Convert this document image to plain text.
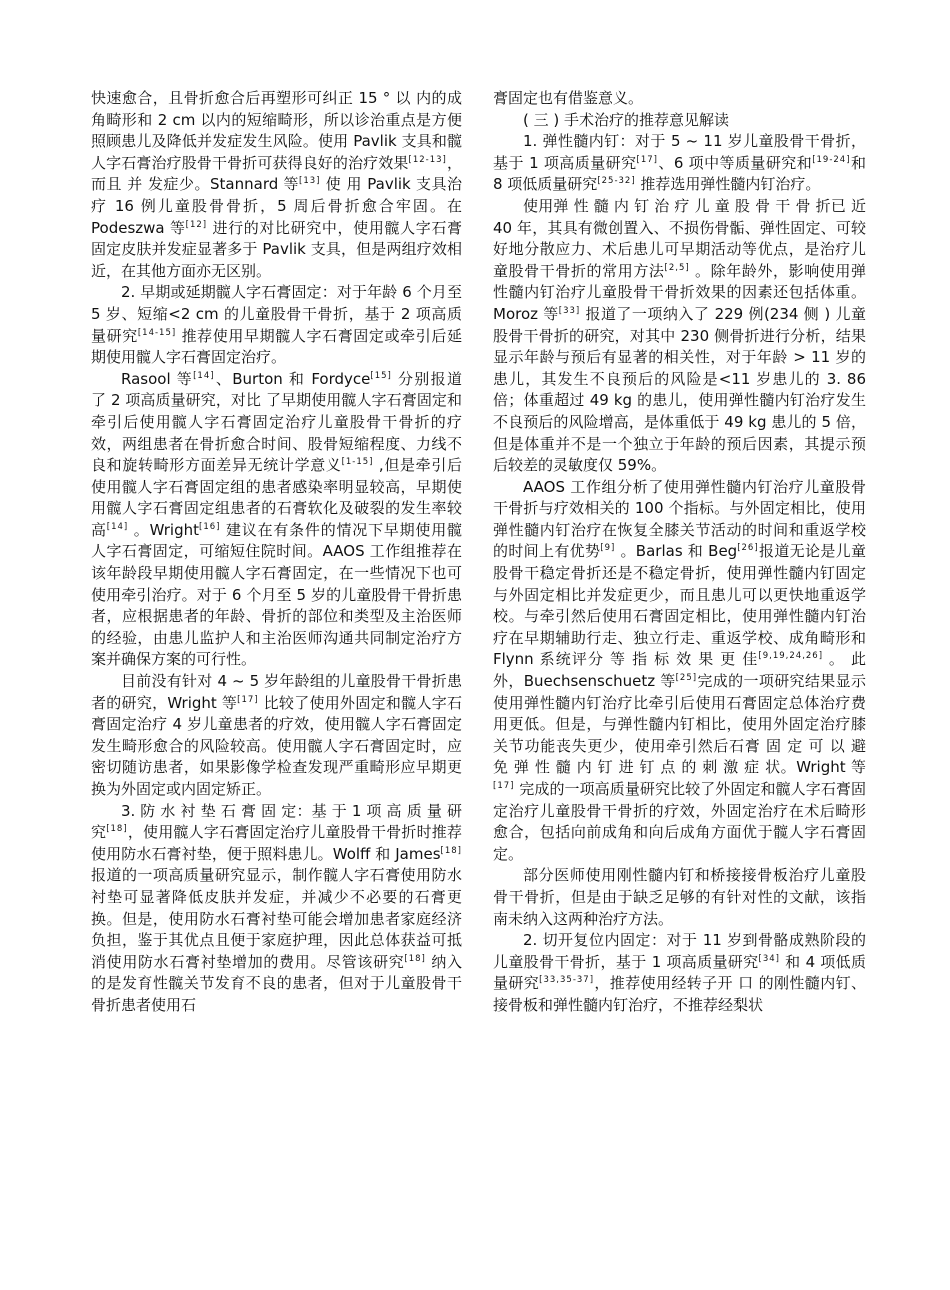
快速愈合，且骨折愈合后再塑形可纠正 15 ° 以 内的成角畸形和 2 cm 以内的短缩畸形，所以诊治重点是方便照顾患儿及降低并发症发生风险。使用 Pavlik 支具和髋人字石膏治疗股骨干骨折可获得良好的治疗效果[12-13]，而且 并 发症少。Stannard 等[13] 使 用 Pavlik 支具治疗 16 例儿童股骨骨折，5 周后骨折愈合牢固。在 Podeszwa 等[12] 进行的对比研究中，使用髋人字石膏固定皮肤并发症显著多于 Pavlik 支具，但是两组疗效相近，在其他方面亦无区别。

2. 早期或延期髋人字石膏固定：对于年龄 6 个月至 5 岁、短缩<2 cm 的儿童股骨干骨折，基于 2 项高质量研究[14-15] 推荐使用早期髋人字石膏固定或牵引后延期使用髋人字石膏固定治疗。

Rasool 等[14]、Burton 和 Fordyce[15] 分别报道了 2 项高质量研究，对比 了早期使用髋人字石膏固定和牵引后使用髋人字石膏固定治疗儿童股骨干骨折的疗效，两组患者在骨折愈合时间、股骨短缩程度、力线不良和旋转畸形方面差异无统计学意义[1-15] ,但是牵引后使用髋人字石膏固定组的患者感染率明显较高，早期使用髋人字石膏固定组患者的石膏软化及破裂的发生率较高[14] 。Wright[16] 建议在有条件的情况下早期使用髋人字石膏固定，可缩短住院时间。AAOS 工作组推荐在该年龄段早期使用髋人字石膏固定，在一些情况下也可使用牵引治疗。对于 6 个月至 5 岁的儿童股骨干骨折患者，应根据患者的年龄、骨折的部位和类型及主治医师的经验，由患儿监护人和主治医师沟通共同制定治疗方案并确保方案的可行性。

目前没有针对 4 ~ 5 岁年龄组的儿童股骨干骨折患者的研究，Wright 等[17] 比较了使用外固定和髋人字石膏固定治疗 4 岁儿童患者的疗效，使用髋人字石膏固定发生畸形愈合的风险较高。使用髋人字石膏固定时，应密切随访患者，如果影像学检查发现严重畸形应早期更换为外固定或内固定矫正。

3. 防 水 衬 垫 石 膏 固 定：基 于 1 项 高 质 量 研究[18]，使用髋人字石膏固定治疗儿童股骨干骨折时推荐使用防水石膏衬垫，便于照料患儿。Wolff 和 James[18] 报道的一项高质量研究显示，制作髋人字石膏使用防水衬垫可显著降低皮肤并发症，并减少不必要的石膏更换。但是，使用防水石膏衬垫可能会增加患者家庭经济负担，鉴于其优点且便于家庭护理，因此总体获益可抵消使用防水石膏衬垫增加的费用。尽管该研究[18] 纳入的是发育性髋关节发育不良的患者，但对于儿童股骨干骨折患者使用石

膏固定也有借鉴意义。

( 三 ) 手术治疗的推荐意见解读

1. 弹性髓内钉：对于 5 ~ 11 岁儿童股骨干骨折，基于 1 项高质量研究[17]、6 项中等质量研究和[19-24]和 8 项低质量研究[25-32] 推荐选用弹性髓内钉治疗。

使用弹 性 髓 内 钉 治 疗 儿 童 股 骨 干 骨 折已 近 40 年，其具有微创置入、不损伤骨骺、弹性固定、可较好地分散应力、术后患儿可早期活动等优点，是治疗儿童股骨干骨折的常用方法[2,5] 。除年龄外，影响使用弹性髓内钉治疗儿童股骨干骨折效果的因素还包括体重。Moroz 等[33] 报道了一项纳入了 229 例(234 侧 ) 儿童股骨干骨折的研究，对其中 230 侧骨折进行分析，结果显示年龄与预后有显著的相关性，对于年龄 > 11 岁的患儿，其发生不良预后的风险是<11 岁患儿的 3. 86 倍；体重超过 49 kg 的患儿，使用弹性髓内钉治疗发生不良预后的风险增高，是体重低于 49 kg 患儿的 5 倍，但是体重并不是一个独立于年龄的预后因素，其提示预后较差的灵敏度仅 59%。

AAOS 工作组分析了使用弹性髓内钉治疗儿童股骨干骨折与疗效相关的 100 个指标。与外固定相比，使用弹性髓内钉治疗在恢复全膝关节活动的时间和重返学校的时间上有优势[9] 。Barlas 和 Beg[26]报道无论是儿童股骨干稳定骨折还是不稳定骨折，使用弹性髓内钉固定与外固定相比并发症更少，而且患儿可以更快地重返学校。与牵引然后使用石膏固定相比，使用弹性髓内钉治疗在早期辅助行走、独立行走、重返学校、成角畸形和 Flynn 系统评分 等 指 标 效 果 更 佳[9,19,24,26] 。 此外，Buechsenschuetz 等[25]完成的一项研究结果显示使用弹性髓内钉治疗比牵引后使用石膏固定总体治疗费用更低。但是，与弹性髓内钉相比，使用外固定治疗膝关节功能丧失更少，使用牵引然后石膏 固 定 可 以 避 免 弹 性 髓 内 钉 进 钉 点 的 刺 激 症 状。Wright 等[17] 完成的一项高质量研究比较了外固定和髋人字石膏固定治疗儿童股骨干骨折的疗效，外固定治疗在术后畸形愈合，包括向前成角和向后成角方面优于髋人字石膏固定。

部分医师使用刚性髓内钉和桥接接骨板治疗儿童股骨干骨折，但是由于缺乏足够的有针对性的文献，该指南未纳入这两种治疗方法。

2. 切开复位内固定：对于 11 岁到骨骼成熟阶段的儿童股骨干骨折，基于 1 项高质量研究[34] 和 4 项低质量研究[33,35-37]，推荐使用经转子开 口 的刚性髓内钉、接骨板和弹性髓内钉治疗，不推荐经梨状
